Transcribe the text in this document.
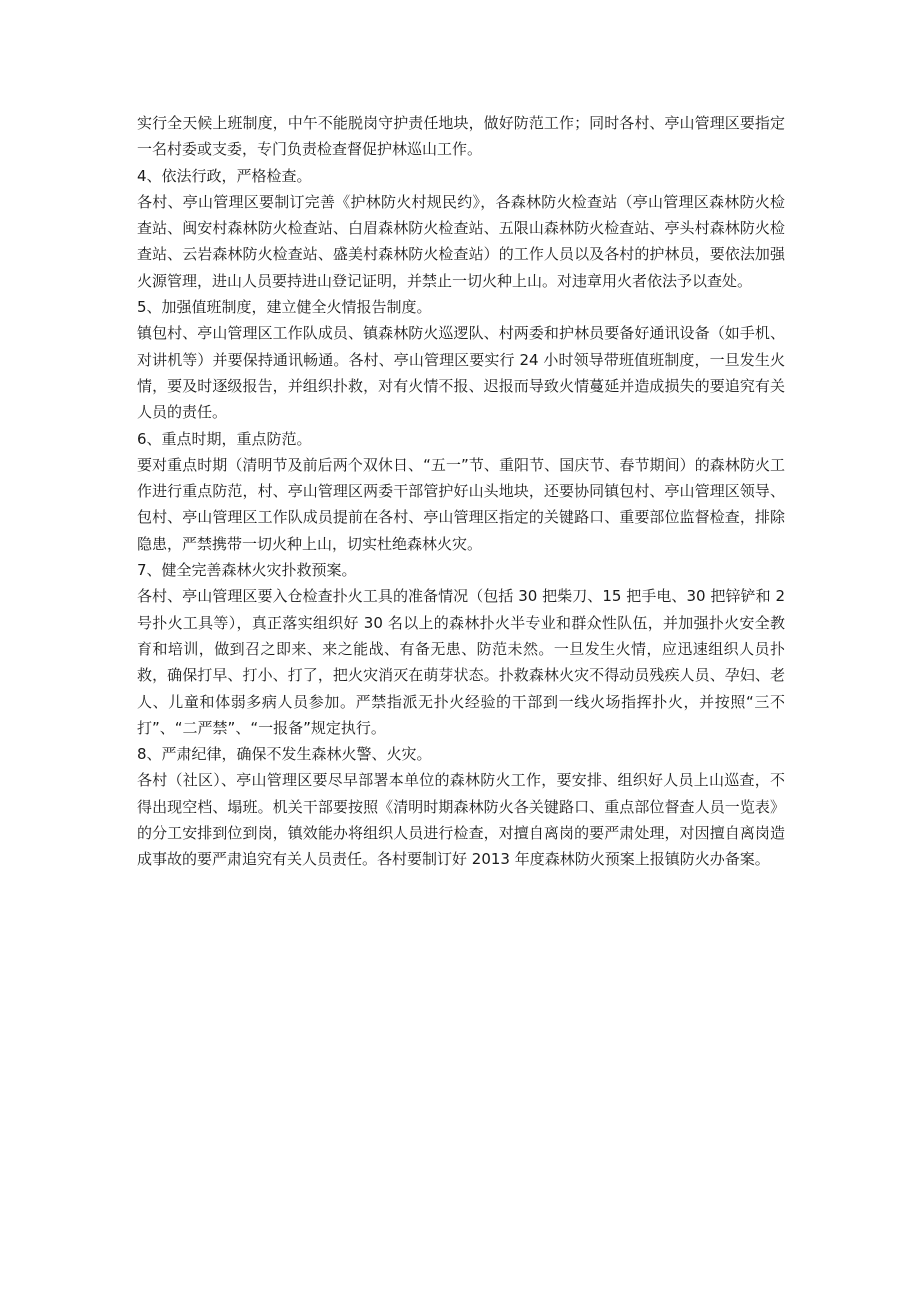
实行全天候上班制度，中午不能脱岗守护责任地块，做好防范工作；同时各村、亭山管理区要指定一名村委或支委，专门负责检查督促护林巡山工作。

4、依法行政，严格检查。

各村、亭山管理区要制订完善《护林防火村规民约》，各森林防火检查站（亭山管理区森林防火检查站、闽安村森林防火检查站、白眉森林防火检查站、五限山森林防火检查站、亭头村森林防火检查站、云岩森林防火检查站、盛美村森林防火检查站）的工作人员以及各村的护林员，要依法加强火源管理，进山人员要持进山登记证明，并禁止一切火种上山。对违章用火者依法予以查处。

5、加强值班制度，建立健全火情报告制度。

镇包村、亭山管理区工作队成员、镇森林防火巡逻队、村两委和护林员要备好通讯设备（如手机、对讲机等）并要保持通讯畅通。各村、亭山管理区要实行 24 小时领导带班值班制度，一旦发生火情，要及时逐级报告，并组织扑救，对有火情不报、迟报而导致火情蔓延并造成损失的要追究有关人员的责任。

6、重点时期，重点防范。

要对重点时期（清明节及前后两个双休日、“五一”节、重阳节、国庆节、春节期间）的森林防火工作进行重点防范，村、亭山管理区两委干部管护好山头地块，还要协同镇包村、亭山管理区领导、包村、亭山管理区工作队成员提前在各村、亭山管理区指定的关键路口、重要部位监督检查，排除隐患，严禁携带一切火种上山，切实杜绝森林火灾。

7、健全完善森林火灾扑救预案。

各村、亭山管理区要入仓检查扑火工具的准备情况（包括 30 把柴刀、15 把手电、30 把锌铲和 2 号扑火工具等），真正落实组织好 30 名以上的森林扑火半专业和群众性队伍，并加强扑火安全教育和培训，做到召之即来、来之能战、有备无患、防范未然。一旦发生火情，应迅速组织人员扑救，确保打早、打小、打了，把火灾消灭在萌芽状态。扑救森林火灾不得动员残疾人员、孕妇、老人、儿童和体弱多病人员参加。严禁指派无扑火经验的干部到一线火场指挥扑火，并按照“三不打”、“二严禁”、“一报备”规定执行。

8、严肃纪律，确保不发生森林火警、火灾。

各村（社区）、亭山管理区要尽早部署本单位的森林防火工作，要安排、组织好人员上山巡查，不得出现空档、塌班。机关干部要按照《清明时期森林防火各关键路口、重点部位督查人员一览表》的分工安排到位到岗，镇效能办将组织人员进行检查，对擅自离岗的要严肃处理，对因擅自离岗造成事故的要严肃追究有关人员责任。各村要制订好 2013 年度森林防火预案上报镇防火办备案。
